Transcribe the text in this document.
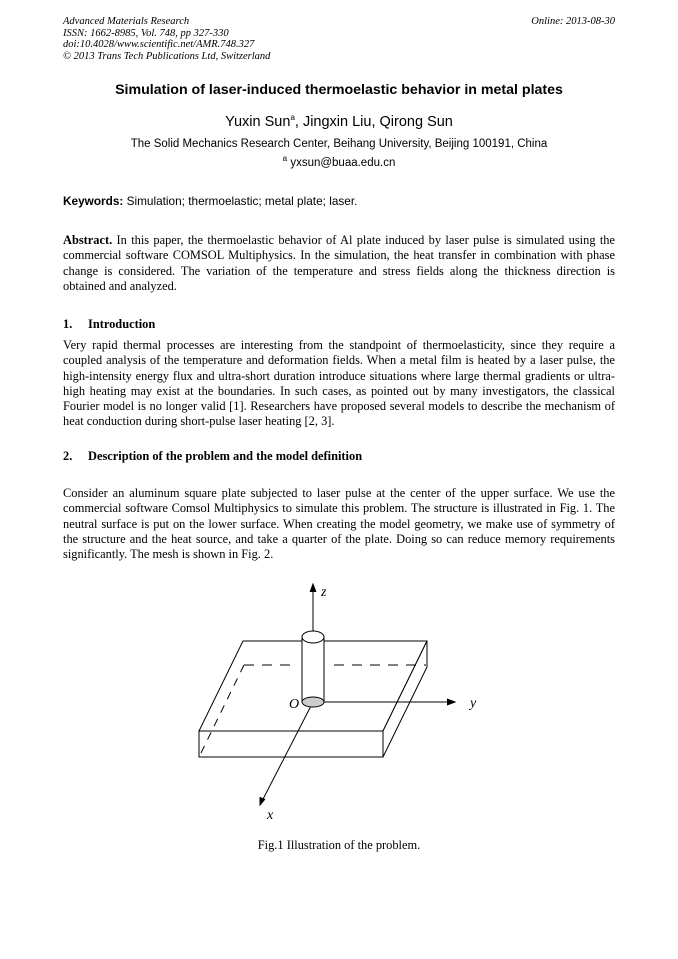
Advanced Materials Research
ISSN: 1662-8985, Vol. 748, pp 327-330
doi:10.4028/www.scientific.net/AMR.748.327
© 2013 Trans Tech Publications Ltd, Switzerland
Online: 2013-08-30
Simulation of laser-induced thermoelastic behavior in metal plates
Yuxin Sun$^a$, Jingxin Liu, Qirong Sun
The Solid Mechanics Research Center, Beihang University, Beijing 100191, China
$^a$ yxsun@buaa.edu.cn
Keywords: Simulation; thermoelastic; metal plate; laser.
Abstract. In this paper, the thermoelastic behavior of Al plate induced by laser pulse is simulated using the commercial software COMSOL Multiphysics. In the simulation, the heat transfer in combination with phase change is considered. The variation of the temperature and stress fields along the thickness direction is obtained and analyzed.
1. Introduction
Very rapid thermal processes are interesting from the standpoint of thermoelasticity, since they require a coupled analysis of the temperature and deformation fields. When a metal film is heated by a laser pulse, the high-intensity energy flux and ultra-short duration introduce situations where large thermal gradients or ultra-high heating may exist at the boundaries. In such cases, as pointed out by many investigators, the classical Fourier model is no longer valid [1]. Researchers have proposed several models to describe the mechanism of heat conduction during short-pulse laser heating [2, 3].
2. Description of the problem and the model definition
Consider an aluminum square plate subjected to laser pulse at the center of the upper surface. We use the commercial software Comsol Multiphysics to simulate this problem. The structure is illustrated in Fig. 1. The neutral surface is put on the lower surface. When creating the model geometry, we make use of symmetry of the structure and the heat source, and take a quarter of the plate. Doing so can reduce memory requirements significantly. The mesh is shown in Fig. 2.
z
y
x
O
Fig.1 Illustration of the problem.
